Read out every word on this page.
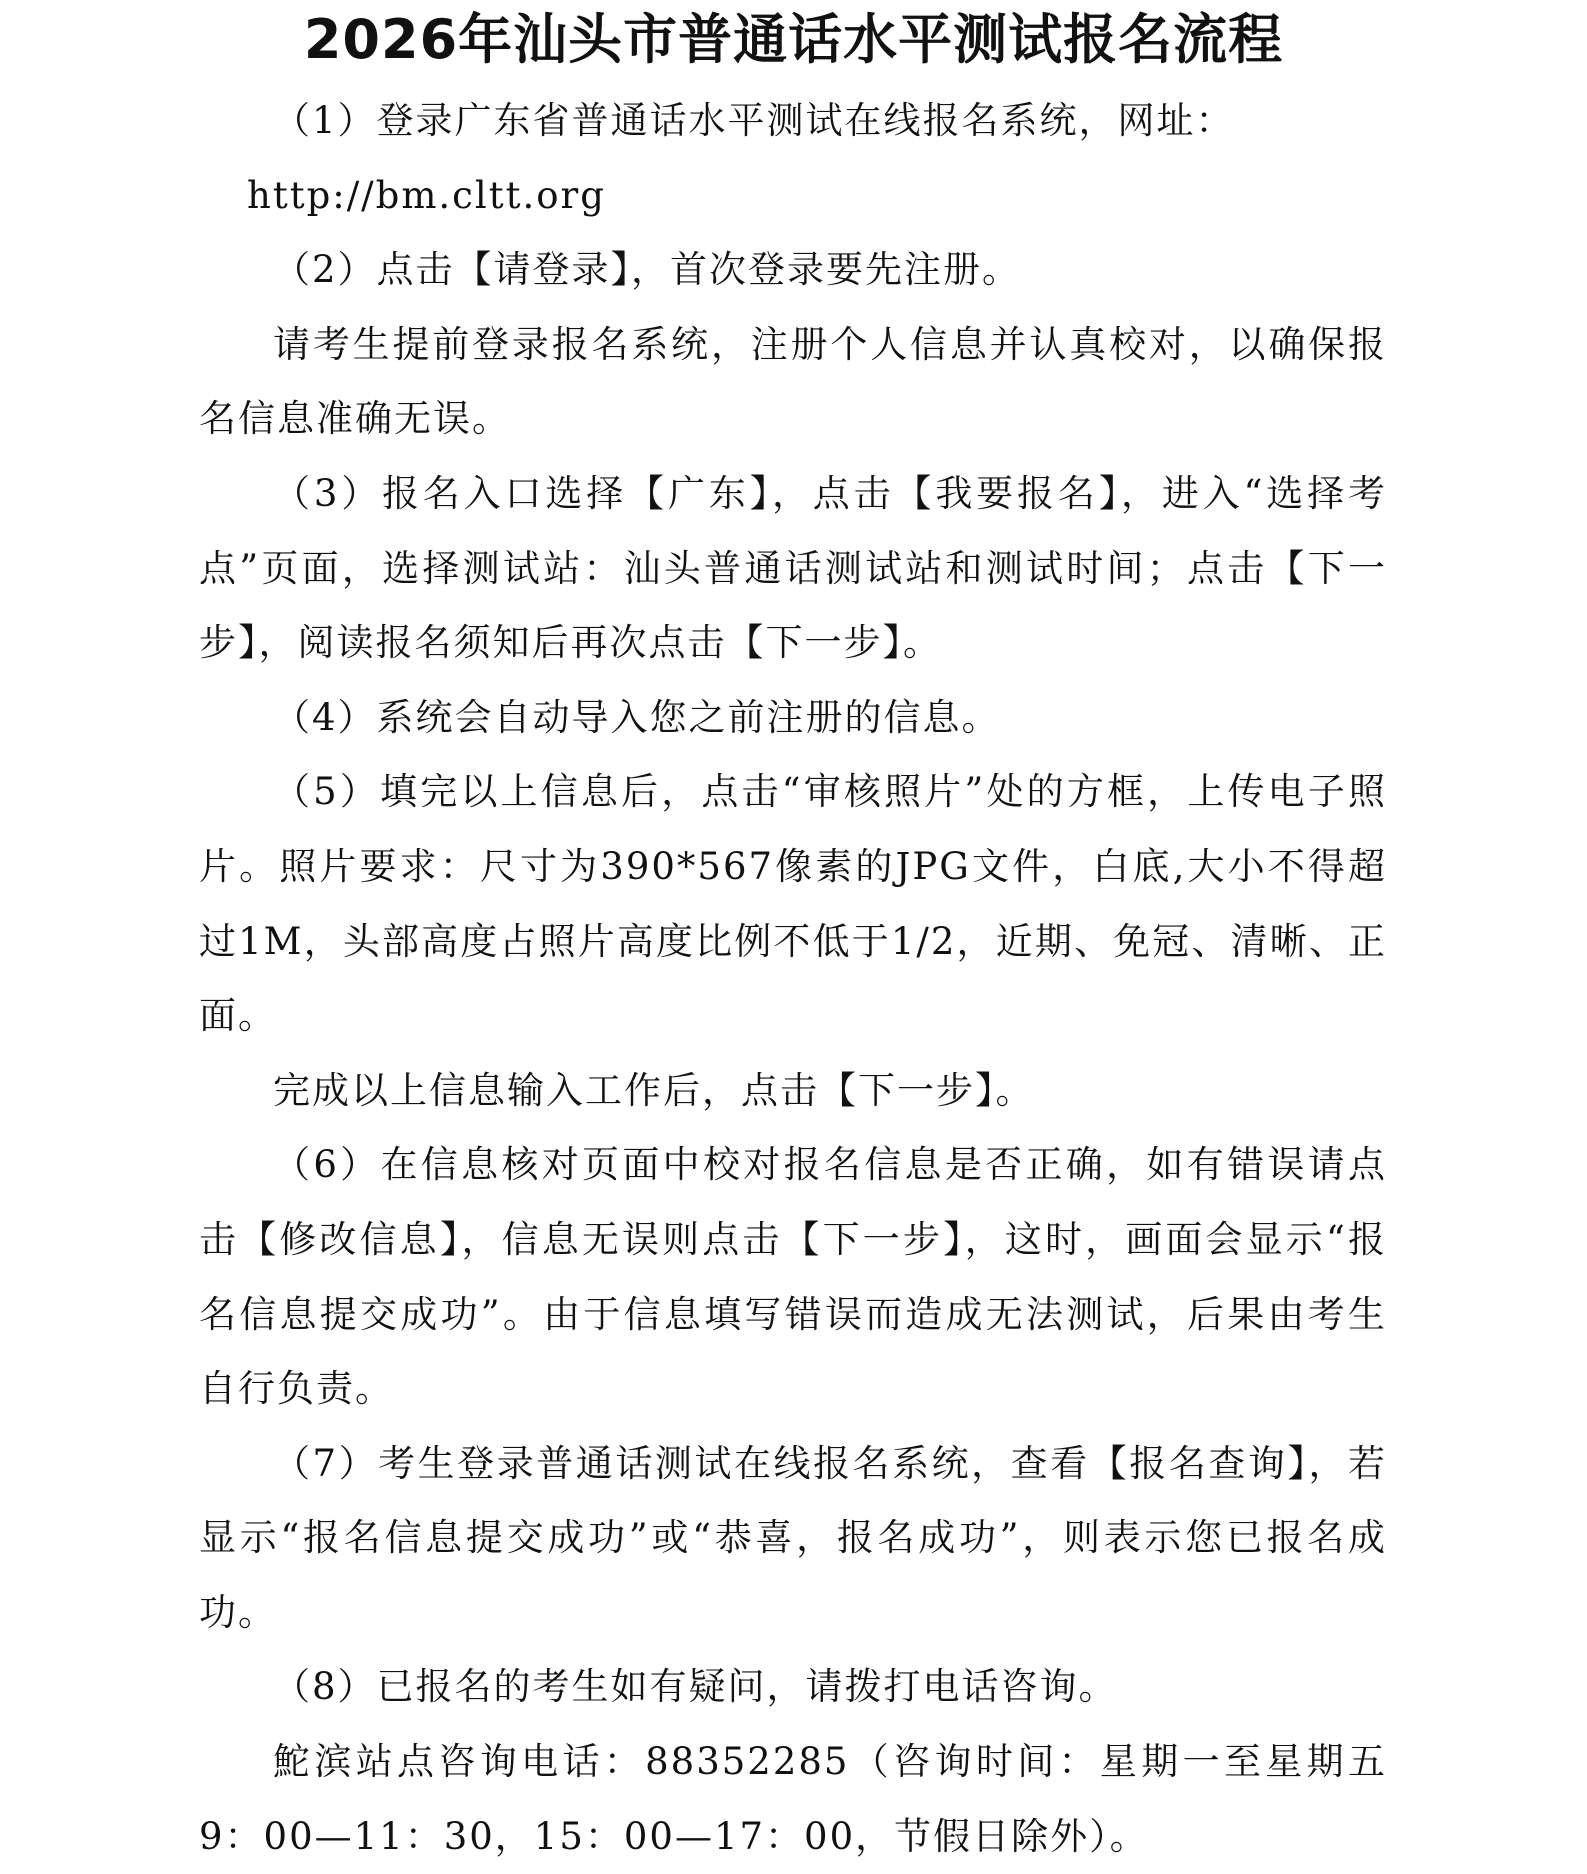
2026年汕头市普通话水平测试报名流程

（1）登录广东省普通话水平测试在线报名系统，网址：

http://bm.cltt.org

（2）点击【请登录】，首次登录要先注册。

请考生提前登录报名系统，注册个人信息并认真校对，以确保报名信息准确无误。

（3）报名入口选择【广东】，点击【我要报名】，进入“选择考点”页面，选择测试站：汕头普通话测试站和测试时间；点击【下一步】，阅读报名须知后再次点击【下一步】。

（4）系统会自动导入您之前注册的信息。

（5）填完以上信息后，点击“审核照片”处的方框，上传电子照片。照片要求：尺寸为390*567像素的JPG文件，白底,大小不得超过1M，头部高度占照片高度比例不低于1/2，近期、免冠、清晰、正面。

完成以上信息输入工作后，点击【下一步】。

（6）在信息核对页面中校对报名信息是否正确，如有错误请点击【修改信息】，信息无误则点击【下一步】，这时，画面会显示“报名信息提交成功”。由于信息填写错误而造成无法测试，后果由考生自行负责。

（7）考生登录普通话测试在线报名系统，查看【报名查询】，若显示“报名信息提交成功”或“恭喜，报名成功”，则表示您已报名成功。

（8）已报名的考生如有疑问，请拨打电话咨询。

鮀滨站点咨询电话：88352285（咨询时间：星期一至星期五9：00—11：30，15：00—17：00，节假日除外）。
